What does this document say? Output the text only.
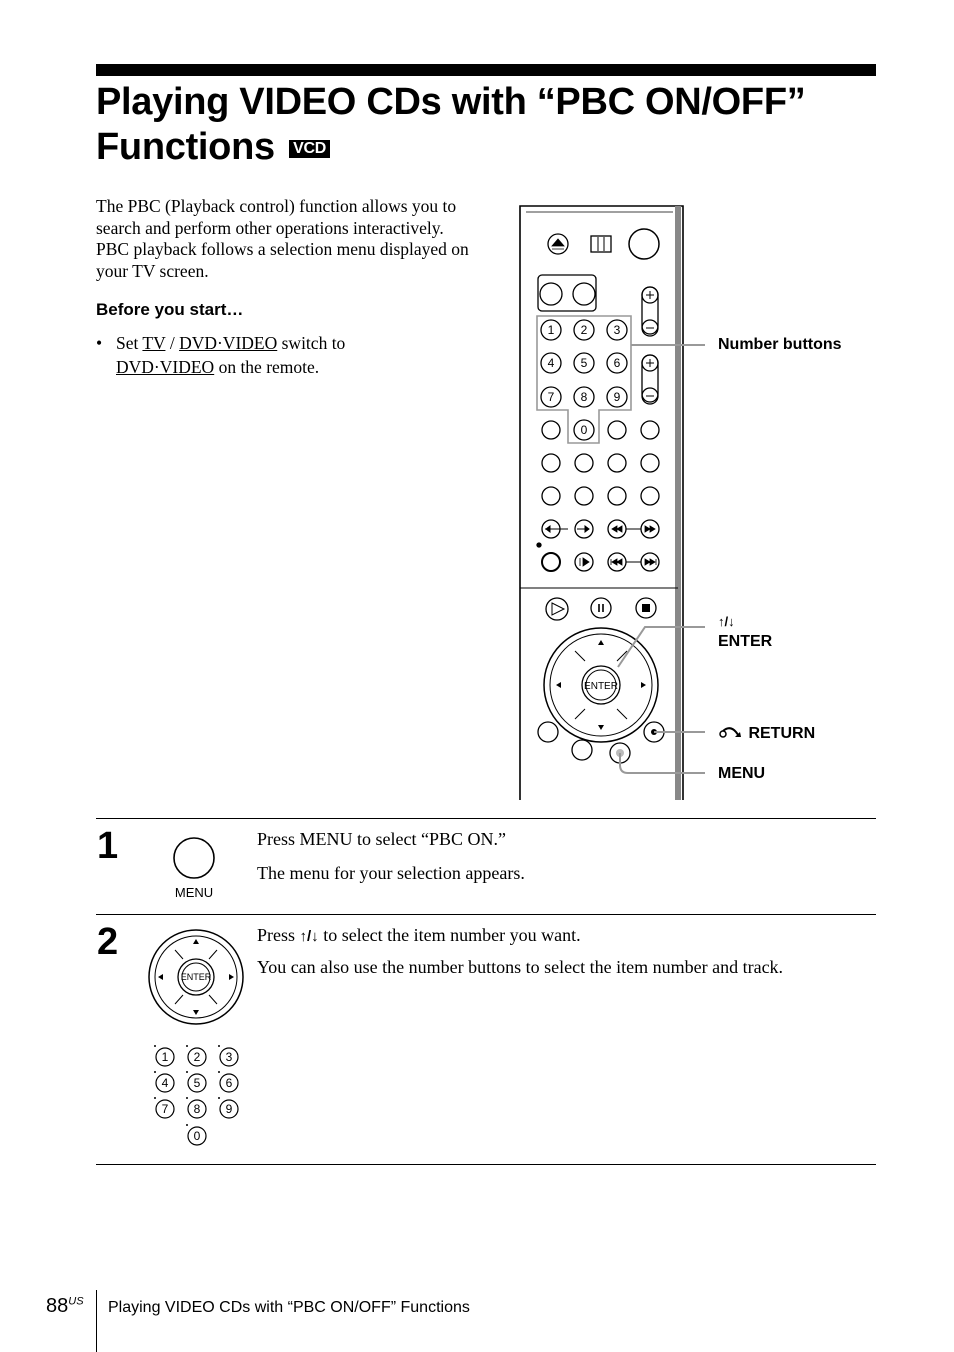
Playing VIDEO CDs with “PBC ON/OFF”
Functions VCD
The PBC (Playback control) function allows you to search and perform other operations interactively. PBC playback follows a selection menu displayed on your TV screen.
Before you start…
• Set TV / DVD·VIDEO switch to
DVD·VIDEO on the remote.
1 2 3
4 5 6
7 8 9
0
ENTER
Number buttons
↑/↓
ENTER
RETURN
MENU
1
MENU
Press MENU to select “PBC ON.”
The menu for your selection appears.
2
ENTER
1 2 3
4 5 6
7 8 9
0
Press ↑/↓ to select the item number you want.
You can also use the number buttons to select the item number and track.
$88^{US}$ Playing VIDEO CDs with “PBC ON/OFF” Functions
